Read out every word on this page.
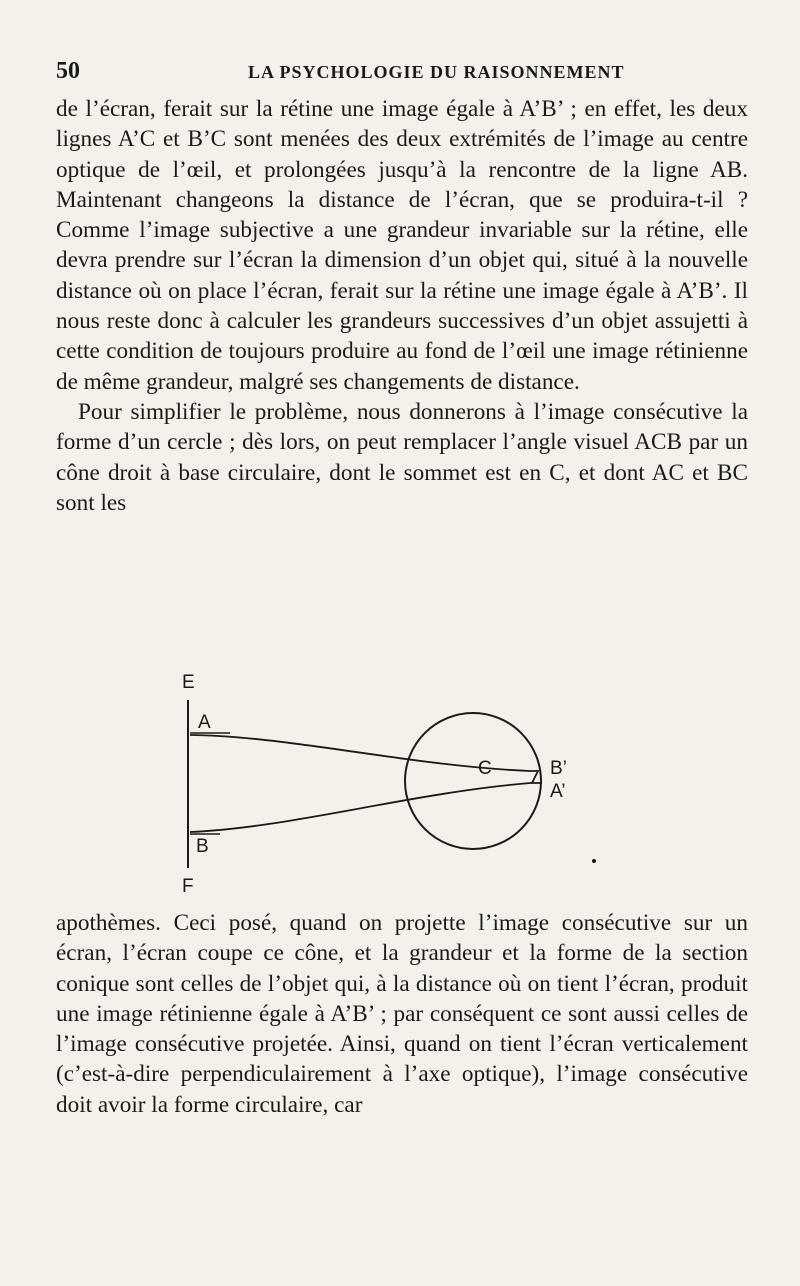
50	LA PSYCHOLOGIE DU RAISONNEMENT

de l’écran, ferait sur la rétine une image égale à A’B’ ; en effet, les deux lignes A’C et B’C sont menées des deux extrémités de l’image au centre optique de l’œil, et prolongées jusqu’à la rencontre de la ligne AB. Maintenant changeons la distance de l’écran, que se produira-t-il ? Comme l’image subjective a une grandeur invariable sur la rétine, elle devra prendre sur l’écran la dimension d’un objet qui, situé à la nouvelle distance où on place l’écran, ferait sur la rétine une image égale à A’B’. Il nous reste donc à calculer les grandeurs successives d’un objet assujetti à cette condition de toujours produire au fond de l’œil une image rétinienne de même grandeur, malgré ses changements de distance.

Pour simplifier le problème, nous donnerons à l’image consécutive la forme d’un cercle ; dès lors, on peut remplacer l’angle visuel ACB par un cône droit à base circulaire, dont le sommet est en C, et dont AC et BC sont les

E
A
C	B’
A’
B
F

apothèmes. Ceci posé, quand on projette l’image consécutive sur un écran, l’écran coupe ce cône, et la grandeur et la forme de la section conique sont celles de l’objet qui, à la distance où on tient l’écran, produit une image rétinienne égale à A’B’ ; par conséquent ce sont aussi celles de l’image consécutive projetée. Ainsi, quand on tient l’écran verticalement (c’est-à-dire perpendiculairement à l’axe optique), l’image consécutive doit avoir la forme circulaire, car
